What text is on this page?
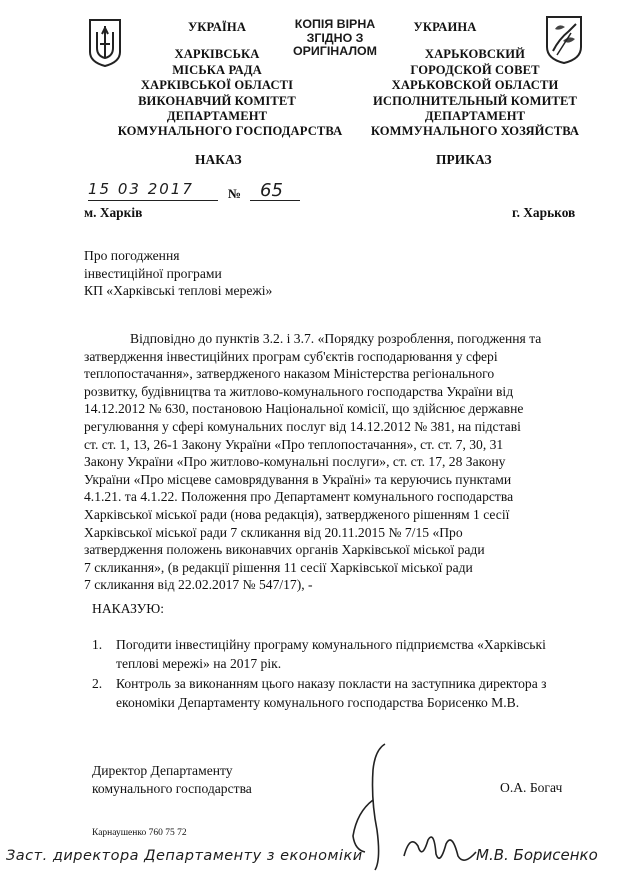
УКРАЇНА
ХАРКІВСЬКА
МІСЬКА РАДА
ХАРКІВСЬКОЇ ОБЛАСТІ
ВИКОНАВЧИЙ КОМІТЕТ
ДЕПАРТАМЕНТ
КОМУНАЛЬНОГО ГОСПОДАРСТВА
КОПІЯ ВІРНА
ЗГІДНО З
ОРИГІНАЛОМ
УКРАИНА
ХАРЬКОВСКИЙ
ГОРОДСКОЙ СОВЕТ
ХАРЬКОВСКОЙ ОБЛАСТИ
ИСПОЛНИТЕЛЬНЫЙ КОМИТЕТ
ДЕПАРТАМЕНТ
КОММУНАЛЬНОГО ХОЗЯЙСТВА
НАКАЗ	ПРИКАЗ
15 03 2017	№	65
м. Харків	г. Харьков
Про погодження
інвестиційної програми
КП «Харківські теплові мережі»
Відповідно до пунктів 3.2. і 3.7. «Порядку розроблення, погодження та
затвердження інвестиційних програм суб'єктів господарювання у сфері
теплопостачання», затвердженого наказом Міністерства регіонального
розвитку, будівництва та житлово-комунального господарства України від
14.12.2012 № 630, постановою Національної комісії, що здійснює державне
регулювання у сфері комунальних послуг від 14.12.2012 № 381, на підставі
ст. ст. 1, 13, 26-1 Закону України «Про теплопостачання», ст. ст. 7, 30, 31
Закону України «Про житлово-комунальні послуги», ст. ст. 17, 28 Закону
України «Про місцеве самоврядування в Україні» та керуючись пунктами
4.1.21. та 4.1.22. Положення про Департамент комунального господарства
Харківської міської ради (нова редакція), затвердженого рішенням 1 сесії
Харківської міської ради 7 скликання від 20.11.2015 № 7/15 «Про
затвердження положень виконавчих органів Харківської міської ради
7 скликання», (в редакції рішення 11 сесії Харківської міської ради
7 скликання від 22.02.2017 № 547/17), -
НАКАЗУЮ:
1. Погодити інвестиційну програму комунального підприємства «Харківські
теплові мережі» на 2017 рік.
2. Контроль за виконанням цього наказу покласти на заступника директора з
економіки Департаменту комунального господарства Борисенко М.В.
Директор Департаменту
комунального господарства	О.А. Богач
Карнаушенко 760 75 72
Заст. директора Департаменту з економіки	М.В. Борисенко
